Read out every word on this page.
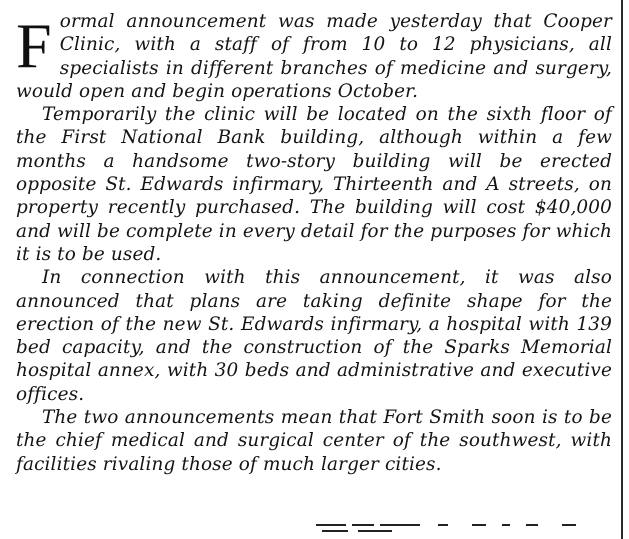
Formal announcement was made yesterday that Cooper Clinic, with a staff of from 10 to 12 physicians, all specialists in different branches of medicine and surgery, would open and begin operations October.

Temporarily the clinic will be located on the sixth floor of the First National Bank building, although within a few months a handsome two-story building will be erected opposite St. Edwards infirmary, Thirteenth and A streets, on property recently purchased. The building will cost $40,000 and will be complete in every detail for the purposes for which it is to be used.

In connection with this announcement, it was also announced that plans are taking definite shape for the erection of the new St. Edwards infirmary, a hospital with 139 bed capacity, and the construction of the Sparks Memorial hospital annex, with 30 beds and administrative and executive offices.

The two announcements mean that Fort Smith soon is to be the chief medical and surgical center of the southwest, with facilities rivaling those of much larger cities.
